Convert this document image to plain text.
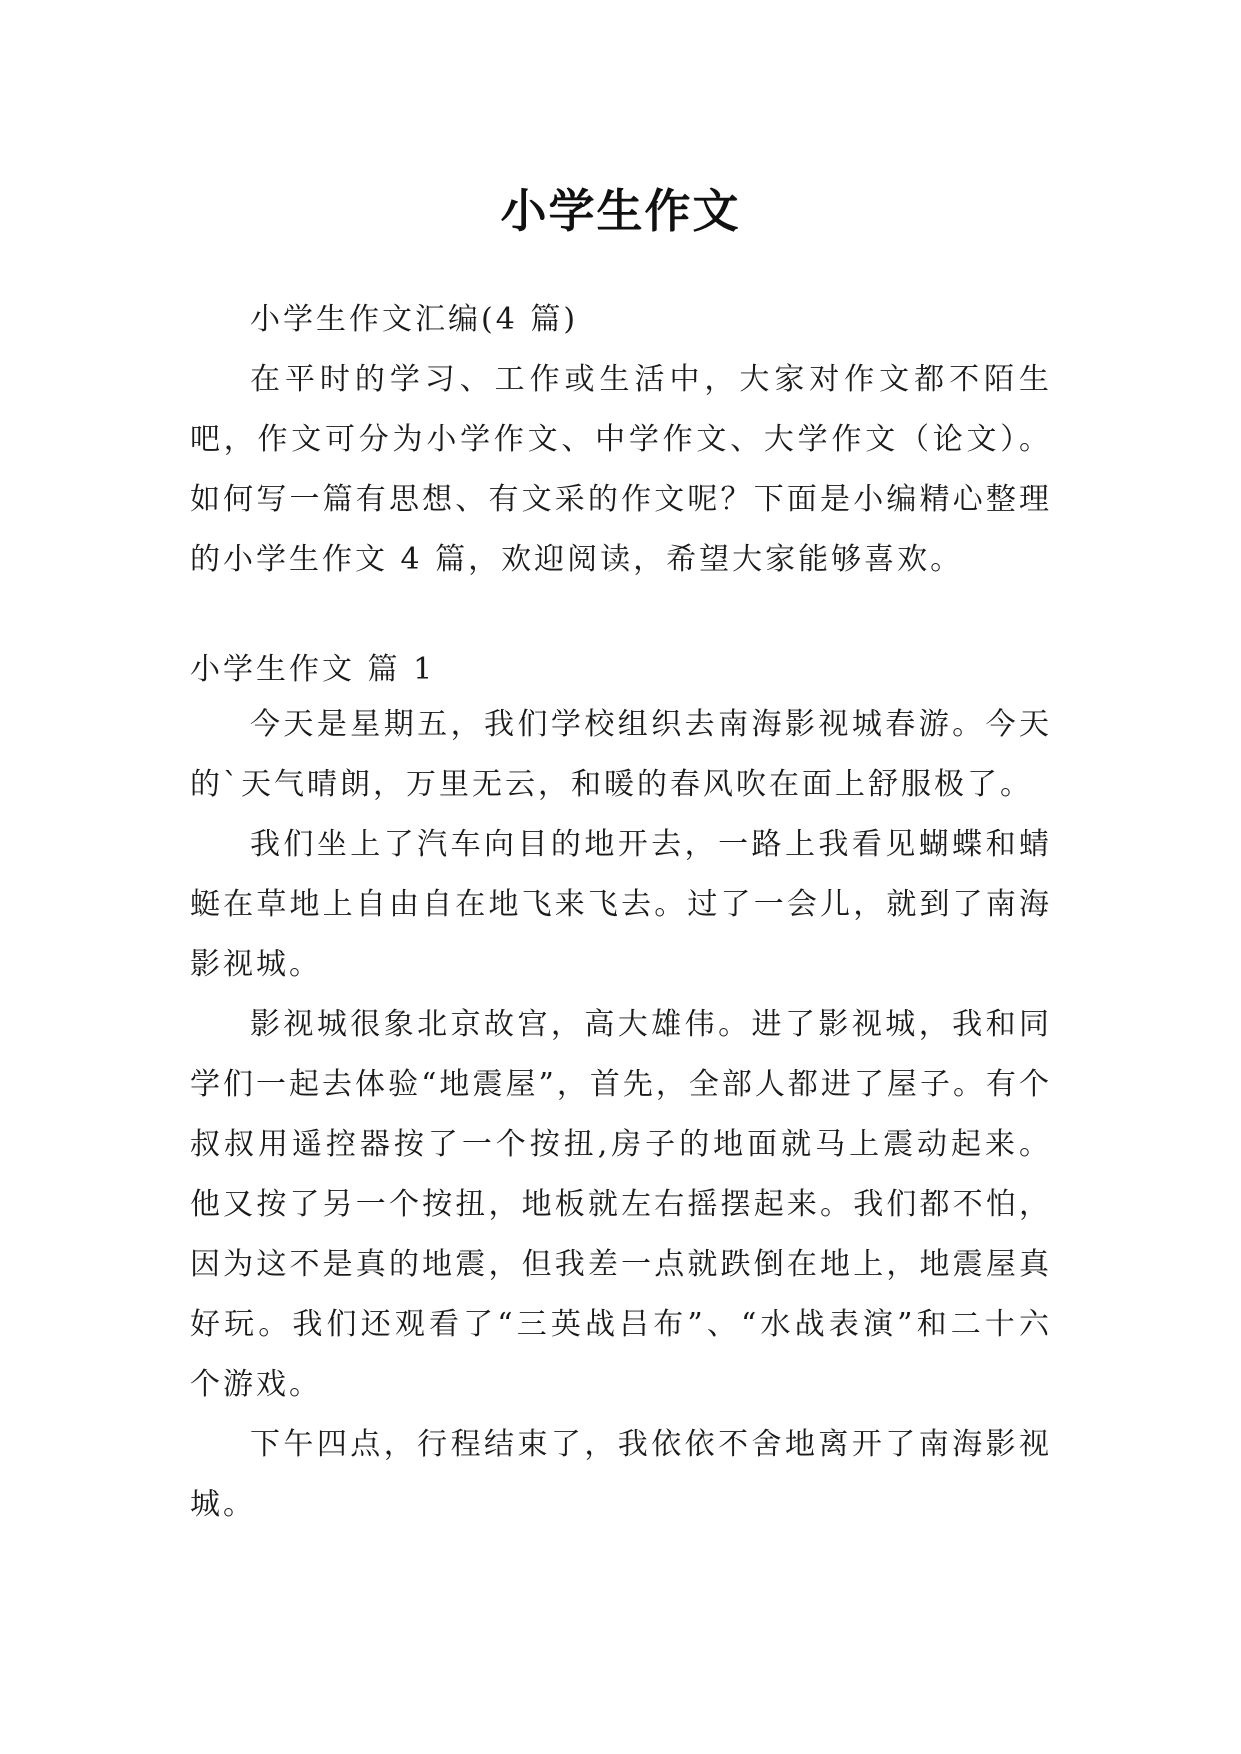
小学生作文

小学生作文汇编(4 篇)

在平时的学习、工作或生活中，大家对作文都不陌生吧，作文可分为小学作文、中学作文、大学作文（论文）。如何写一篇有思想、有文采的作文呢？下面是小编精心整理的小学生作文 4 篇，欢迎阅读，希望大家能够喜欢。

小学生作文 篇 1

今天是星期五，我们学校组织去南海影视城春游。今天的`天气晴朗，万里无云，和暖的春风吹在面上舒服极了。

我们坐上了汽车向目的地开去，一路上我看见蝴蝶和蜻蜓在草地上自由自在地飞来飞去。过了一会儿，就到了南海影视城。

影视城很象北京故宫，高大雄伟。进了影视城，我和同学们一起去体验“地震屋”，首先，全部人都进了屋子。有个叔叔用遥控器按了一个按扭,房子的地面就马上震动起来。他又按了另一个按扭，地板就左右摇摆起来。我们都不怕，因为这不是真的地震，但我差一点就跌倒在地上，地震屋真好玩。我们还观看了“三英战吕布”、“水战表演”和二十六个游戏。

下午四点，行程结束了，我依依不舍地离开了南海影视城。
